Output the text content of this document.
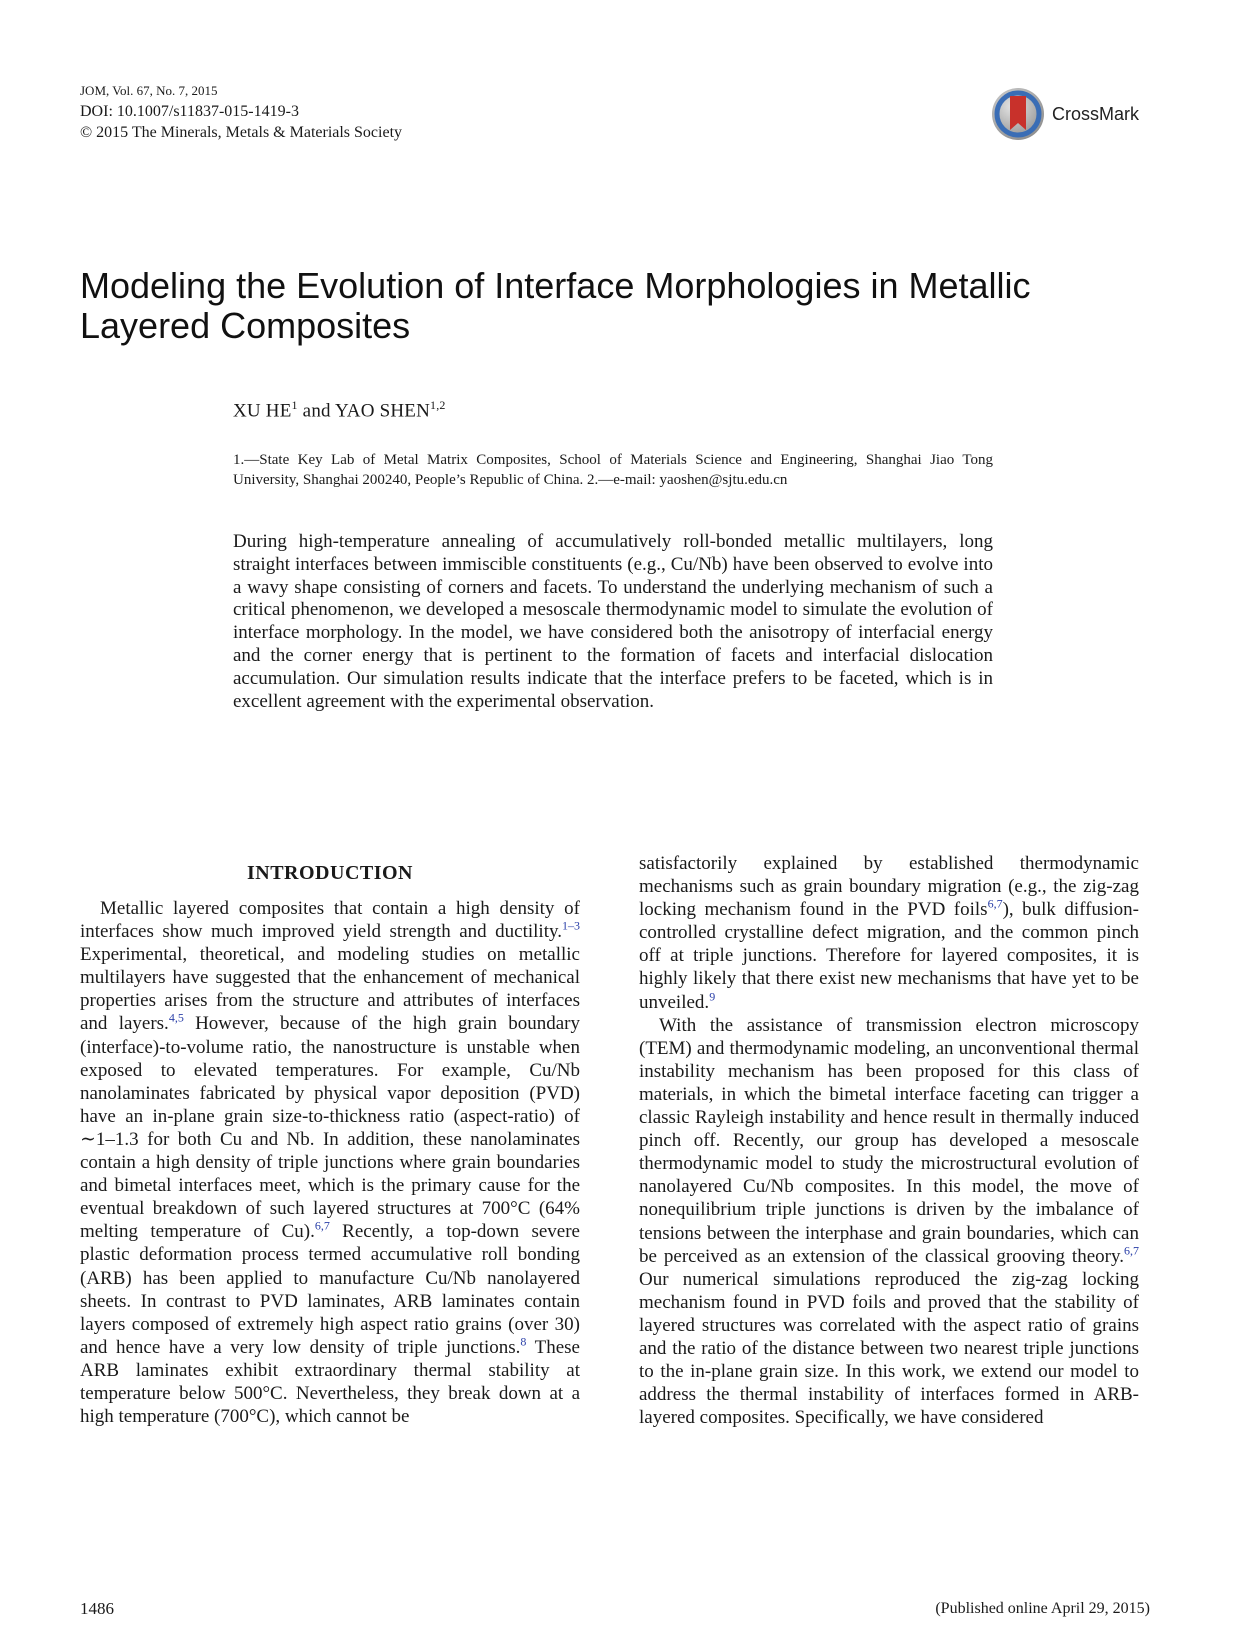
JOM, Vol. 67, No. 7, 2015
DOI: 10.1007/s11837-015-1419-3
© 2015 The Minerals, Metals & Materials Society
CrossMark
Modeling the Evolution of Interface Morphologies in Metallic Layered Composites
XU $HE^1$ and YAO SHEN$^{1,2}$
1.—State Key Lab of Metal Matrix Composites, School of Materials Science and Engineering, Shanghai Jiao Tong University, Shanghai 200240, People’s Republic of China. 2.—e-mail: yaoshen@sjtu.edu.cn
During high-temperature annealing of accumulatively roll-bonded metallic multilayers, long straight interfaces between immiscible constituents (e.g., Cu/Nb) have been observed to evolve into a wavy shape consisting of corners and facets. To understand the underlying mechanism of such a critical phenomenon, we developed a mesoscale thermodynamic model to simulate the evolution of interface morphology. In the model, we have considered both the anisotropy of interfacial energy and the corner energy that is pertinent to the formation of facets and interfacial dislocation accumulation. Our simulation results indicate that the interface prefers to be faceted, which is in excellent agreement with the experimental observation.
INTRODUCTION

Metallic layered composites that contain a high density of interfaces show much improved yield strength and ductility.$^{1-3}$ Experimental, theoretical, and modeling studies on metallic multilayers have suggested that the enhancement of mechanical properties arises from the structure and attributes of interfaces and layers.$^{4,5}$ However, because of the high grain boundary (interface)-to-volume ratio, the nanostructure is unstable when exposed to elevated temperatures. For example, Cu/Nb nanolaminates fabricated by physical vapor deposition (PVD) have an in-plane grain size-to-thickness ratio (aspect-ratio) of ∼1–1.3 for both Cu and Nb. In addition, these nanolaminates contain a high density of triple junctions where grain boundaries and bimetal interfaces meet, which is the primary cause for the eventual breakdown of such layered structures at 700°C (64% melting temperature of Cu).$^{6,7}$ Recently, a top-down severe plastic deformation process termed accumulative roll bonding (ARB) has been applied to manufacture Cu/Nb nanolayered sheets. In contrast to PVD laminates, ARB laminates contain layers composed of extremely high aspect ratio grains (over 30) and hence have a very low density of triple junctions.$^8$ These ARB laminates exhibit extraordinary thermal stability at temperature below 500°C. Nevertheless, they break down at a high temperature (700°C), which cannot be

satisfactorily explained by established thermodynamic mechanisms such as grain boundary migration (e.g., the zig-zag locking mechanism found in the PVD foils$^{6,7}$), bulk diffusion-controlled crystalline defect migration, and the common pinch off at triple junctions. Therefore for layered composites, it is highly likely that there exist new mechanisms that have yet to be unveiled.$^9$

With the assistance of transmission electron microscopy (TEM) and thermodynamic modeling, an unconventional thermal instability mechanism has been proposed for this class of materials, in which the bimetal interface faceting can trigger a classic Rayleigh instability and hence result in thermally induced pinch off. Recently, our group has developed a mesoscale thermodynamic model to study the microstructural evolution of nanolayered Cu/Nb composites. In this model, the move of nonequilibrium triple junctions is driven by the imbalance of tensions between the interphase and grain boundaries, which can be perceived as an extension of the classical grooving theory.$^{6,7}$ Our numerical simulations reproduced the zig-zag locking mechanism found in PVD foils and proved that the stability of layered structures was correlated with the aspect ratio of grains and the ratio of the distance between two nearest triple junctions to the in-plane grain size. In this work, we extend our model to address the thermal instability of interfaces formed in ARB-layered composites. Specifically, we have considered

1486	(Published online April 29, 2015)
